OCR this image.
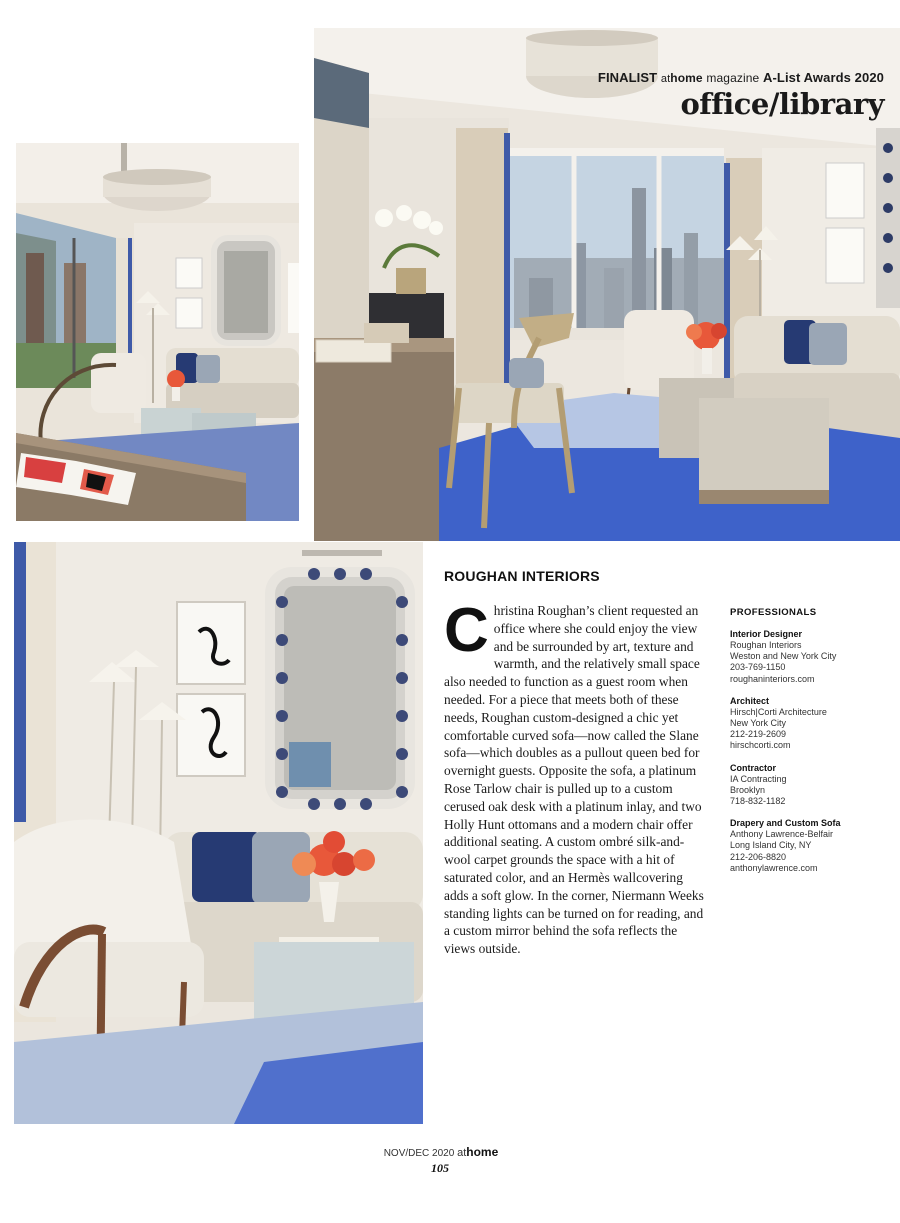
FINALIST athome magazine A-List Awards 2020
office/library
ROUGHAN INTERIORS

Christina Roughan’s client requested an office where she could enjoy the view and be surrounded by art, texture and warmth, and the relatively small space also needed to function as a guest room when needed. For a piece that meets both of these needs, Roughan custom-designed a chic yet comfortable curved sofa—now called the Slane sofa—which doubles as a pullout queen bed for overnight guests. Opposite the sofa, a platinum Rose Tarlow chair is pulled up to a custom cerused oak desk with a platinum inlay, and two Holly Hunt ottomans and a modern chair offer additional seating. A custom ombré silk-and-wool carpet grounds the space with a hit of saturated color, and an Hermès wallcovering adds a soft glow. In the corner, Niermann Weeks standing lights can be turned on for reading, and a custom mirror behind the sofa reflects the views outside.

PROFESSIONALS
Interior Designer
Roughan Interiors
Weston and New York City
203-769-1150
roughaninteriors.com
Architect
Hirsch|Corti Architecture
New York City
212-219-2609
hirschcorti.com
Contractor
IA Contracting
Brooklyn
718-832-1182
Drapery and Custom Sofa
Anthony Lawrence-Belfair
Long Island City, NY
212-206-8820
anthonylawrence.com
NOV/DEC 2020 athome
105
